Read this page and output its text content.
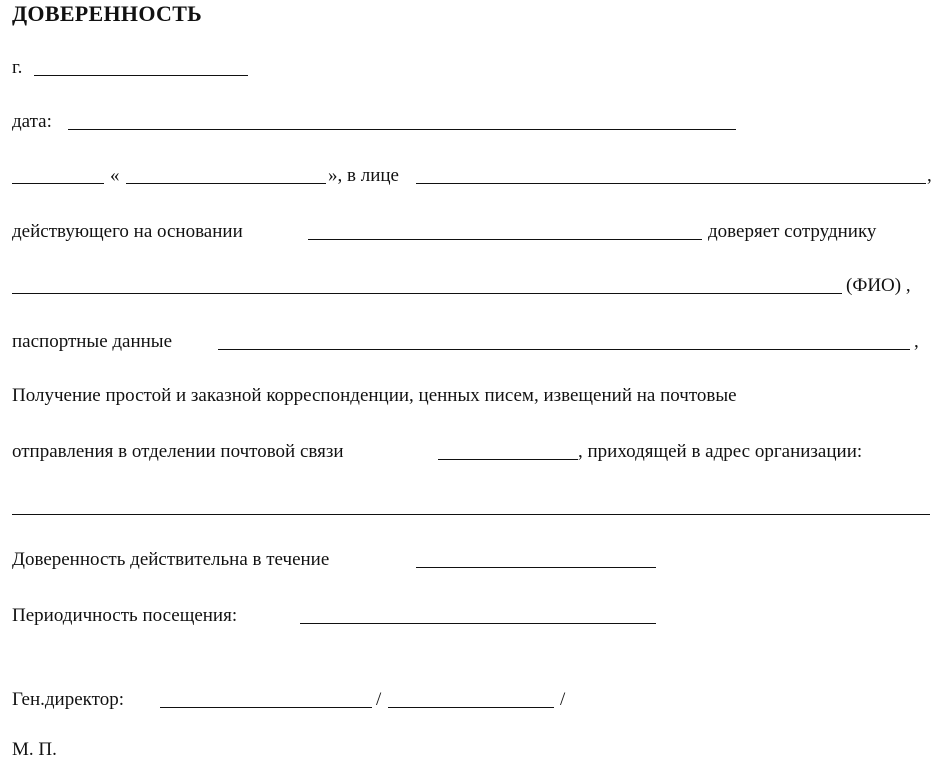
ДОВЕРЕННОСТЬ
г.
дата:
«	», в лице	,
действующего на основании	доверяет сотруднику
(ФИО) ,
паспортные данные	,
Получение простой и заказной корреспонденции, ценных писем, извещений на почтовые
отправления в отделении почтовой связи	, приходящей в адрес организации:
Доверенность действительна в течение
Периодичность посещения:
Ген.директор:	/	/
М. П.
